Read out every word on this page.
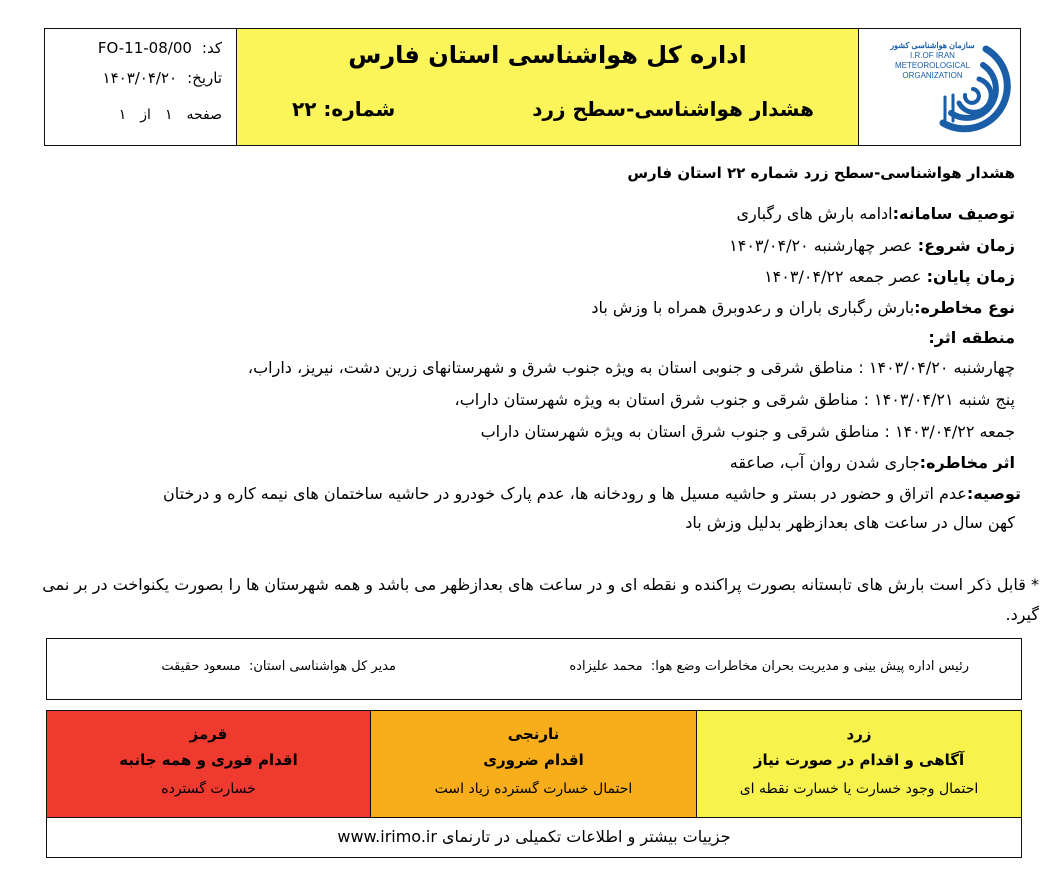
کد:
FO-11-08/00
تاریخ:
۱۴۰۳/۰۴/۲۰
صفحه
۱
از
۱
اداره کل هواشناسی استان فارس
هشدار هواشناسی-سطح زرد
شماره: ۲۲
سازمان هواشناسی کشور
I.R.OF IRAN
METEOROLOGICAL
ORGANIZATION
هشدار هواشناسی-سطح زرد شماره ۲۲ استان فارس
توصیف سامانه:ادامه بارش های رگباری
زمان شروع: عصر چهارشنبه ۱۴۰۳/۰۴/۲۰
زمان پایان: عصر جمعه ۱۴۰۳/۰۴/۲۲
نوع مخاطره:بارش رگباری باران و رعدوبرق همراه با وزش باد
منطقه اثر:
چهارشنبه ۱۴۰۳/۰۴/۲۰ : مناطق شرقی و جنوبی استان به ویژه جنوب شرق و شهرستانهای زرین دشت، نیریز، داراب،
پنج شنبه ۱۴۰۳/۰۴/۲۱ : مناطق شرقی و جنوب شرق استان به ویژه شهرستان داراب،
جمعه ۱۴۰۳/۰۴/۲۲ : مناطق شرقی و جنوب شرق استان به ویژه شهرستان داراب
اثر مخاطره:جاری شدن روان آب، صاعقه
توصیه:عدم اتراق و حضور در بستر و حاشیه مسیل ها و رودخانه ها، عدم پارک خودرو در حاشیه ساختمان های نیمه کاره و درختان
کهن سال در ساعت های بعدازظهر بدلیل وزش باد
* قابل ذکر است بارش های تابستانه بصورت پراکنده و نقطه ای و در ساعت های بعدازظهر می باشد و همه شهرستان ها را بصورت یکنواخت در بر نمی گیرد.
رئیس اداره پیش بینی و مدیریت بحران مخاطرات وضع هوا:  محمد علیزاده
مدیر کل هواشناسی استان:  مسعود حقیقت
زرد
آگاهی و اقدام در صورت نیاز
احتمال وجود خسارت یا خسارت نقطه ای
نارنجی
اقدام ضروری
احتمال خسارت گسترده زیاد است
قرمز
اقدام فوری و همه جانبه
خسارت گسترده
جزییات بیشتر و اطلاعات تکمیلی در تارنمای www.irimo.ir
